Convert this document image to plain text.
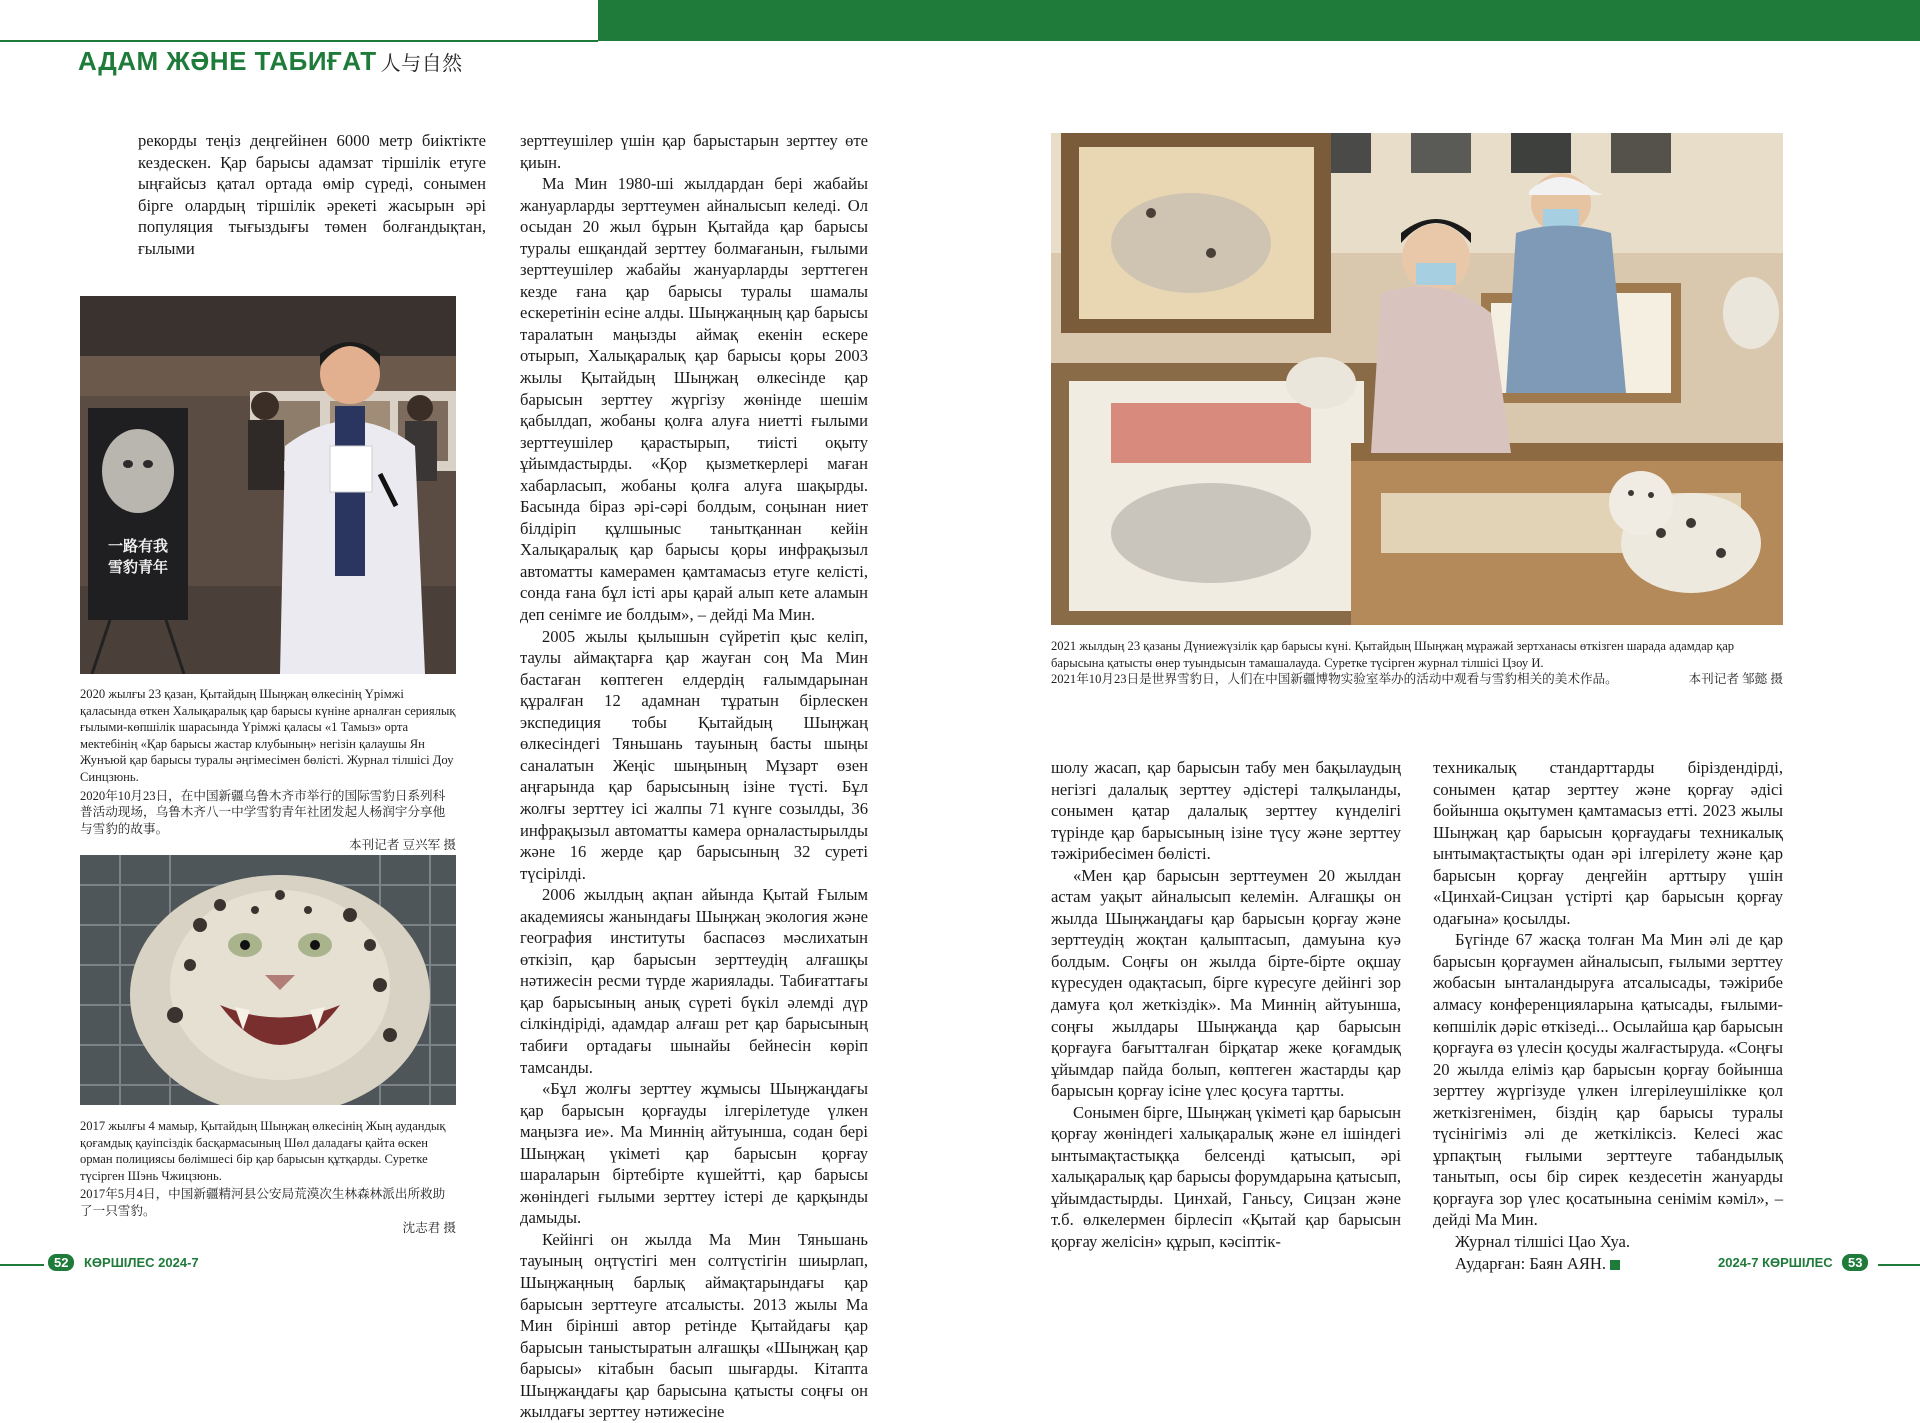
АДАМ ЖӘНЕ ТАБИҒАТ 人与自然

рекорды теңіз деңгейінен 6000 метр биіктікте кездескен. Қар барысы адамзат тіршілік етуге ыңғайсыз қатал ортада өмір сүреді, сонымен бірге олардың тіршілік әрекеті жасырын әрі популяция тығыздығы төмен болғандықтан, ғылыми

一路有我
雪豹青年

2020 жылғы 23 қазан, Қытайдың Шыңжаң өлкесінің Үрімжі қаласында өткен Халықаралық қар барысы күніне арналған сериялық ғылыми-көпшілік шарасында Үрімжі қаласы «1 Тамыз» орта мектебінің «Қар барысы жастар клубының» негізін қалаушы Ян Жунъюй қар барысы туралы әңгімесімен бөлісті. Журнал тілшісі Доу Синцзюнь.

2020年10月23日，在中国新疆乌鲁木齐市举行的国际雪豹日系列科普活动现场，乌鲁木齐八一中学雪豹青年社团发起人杨润宇分享他与雪豹的故事。

本刊记者 豆兴军 摄

2017 жылғы 4 мамыр, Қытайдың Шыңжаң өлкесінің Жың аудандық қоғамдық қауіпсіздік басқармасының Шөл даладағы қайта өскен орман полициясы бөлімшесі бір қар барысын құтқарды. Суретке түсірген Шэнь Чжицзюнь.

2017年5月4日，中国新疆精河县公安局荒漠次生林森林派出所救助了一只雪豹。

沈志君 摄

зерттеушілер үшін қар барыстарын зерттеу өте қиын.

Ма Мин 1980-ші жылдардан бері жабайы жануарларды зерттеумен айналысып келеді. Ол осыдан 20 жыл бұрын Қытайда қар барысы туралы ешқандай зерттеу болмағанын, ғылыми зерттеушілер жабайы жануарларды зерттеген кезде ғана қар барысы туралы шамалы ескеретінін есіне алды. Шыңжаңның қар барысы таралатын маңызды аймақ екенін ескере отырып, Халықаралық қар барысы қоры 2003 жылы Қытайдың Шыңжаң өлкесінде қар барысын зерттеу жүргізу жөнінде шешім қабылдап, жобаны қолға алуға ниетті ғылыми зерттеушілер қарастырып, тиісті оқыту ұйымдастырды. «Қор қызметкерлері маған хабарласып, жобаны қолға алуға шақырды. Басында біраз әрі-сәрі болдым, соңынан ниет білдіріп құлшыныс танытқаннан кейін Халықаралық қар барысы қоры инфрақызыл автоматты камерамен қамтамасыз етуге келісті, сонда ғана бұл істі ары қарай алып кете аламын деп сенімге ие болдым», – дейді Ма Мин.

2005 жылы қылышын сүйретіп қыс келіп, таулы аймақтарға қар жауған соң Ма Мин бастаған көптеген елдердің ғалымдарынан құралған 12 адамнан тұратын бірлескен экспедиция тобы Қытайдың Шыңжаң өлкесіндегі Тяньшань тауының басты шыңы саналатын Жеңіс шыңының Мұзарт өзен аңғарында қар барысының ізіне түсті. Бұл жолғы зерттеу ісі жалпы 71 күнге созылды, 36 инфрақызыл автоматты камера орналастырылды және 16 жерде қар барысының 32 суреті түсірілді.

2006 жылдың ақпан айында Қытай Ғылым академиясы жанындағы Шыңжаң экология және география институты баспасөз мәслихатын өткізіп, қар барысын зерттеудің алғашқы нәтижесін ресми түрде жариялады. Табиғаттағы қар барысының анық сүреті бүкіл әлемді дүр сілкіндіріді, адамдар алғаш рет қар барысының табиғи ортадағы шынайы бейнесін көріп тамсанды.

«Бұл жолғы зерттеу жұмысы Шыңжаңдағы қар барысын қорғауды ілгерілетуде үлкен маңызға ие». Ма Миннің айтуынша, содан бері Шыңжаң үкіметі қар барысын қорғау шараларын біртебірте күшейтті, қар барысы жөніндегі ғылыми зерттеу істері де қарқынды дамыды.

Кейінгі он жылда Ма Мин Тяньшань тауының оңтүстігі мен солтүстігін шиырлап, Шыңжаңның барлық аймақтарындағы қар барысын зерттеуге атсалысты. 2013 жылы Ма Мин бірінші автор ретінде Қытайдағы қар барысын таныстыратын алғашқы «Шыңжаң қар барысы» кітабын басып шығарды. Кітапта Шыңжаңдағы қар барысына қатысты соңғы он жылдағы зерттеу нәтижесіне

2021 жылдың 23 қазаны Дүниежүзілік қар барысы күні. Қытайдың Шыңжаң мұражай зертханасы өткізген шарада адамдар қар барысына қатысты өнер туындысын тамашалауда. Суретке түсірген журнал тілшісі Цзоу И.

2021年10月23日是世界雪豹日，人们在中国新疆博物实验室举办的活动中观看与雪豹相关的美术作品。	本刊记者 邹懿 摄

шолу жасап, қар барысын табу мен бақылаудың негізгі далалық зерттеу әдістері талқыланды, сонымен қатар далалық зерттеу күнделігі түрінде қар барысының ізіне түсу және зерттеу тәжірибесімен бөлісті.

«Мен қар барысын зерттеумен 20 жылдан астам уақыт айналысып келемін. Алғашқы он жылда Шыңжаңдағы қар барысын қорғау және зерттеудің жоқтан қалыптасып, дамуына куә болдым. Соңғы он жылда бірте-бірте оқшау күресуден одақтасып, бірге күресуге дейінгі зор дамуға қол жеткіздік». Ма Миннің айтуынша, соңғы жылдары Шыңжаңда қар барысын қорғауға бағытталған бірқатар жеке қоғамдық ұйымдар пайда болып, көптеген жастарды қар барысын қорғау ісіне үлес қосуға тартты.

Сонымен бірге, Шыңжаң үкіметі қар барысын қорғау жөніндегі халықаралық және ел ішіндегі ынтымақтастыққа белсенді қатысып, әрі халықаралық қар барысы форумдарына қатысып, ұйымдастырды. Цинхай, Ганьсу, Сицзан және т.б. өлкелермен бірлесіп «Қытай қар барысын қорғау желісін» құрып, кәсіптік-

техникалық стандарттарды біріздендірді, сонымен қатар зерттеу және қорғау әдісі бойынша оқытумен қамтамасыз етті. 2023 жылы Шыңжаң қар барысын қорғаудағы техникалық ынтымақтастықты одан әрі ілгерілету және қар барысын қорғау деңгейін арттыру үшін «Цинхай-Сицзан үстірті қар барысын қорғау одағына» қосылды.

Бүгінде 67 жасқа толған Ма Мин әлі де қар барысын қорғаумен айналысып, ғылыми зерттеу жобасын ынталандыруға атсалысады, тәжірибе алмасу конференцияларына қатысады, ғылыми-көпшілік дәріс өткізеді... Осылайша қар барысын қорғауға өз үлесін қосуды жалғастыруда. «Соңғы 20 жылда еліміз қар барысын қорғау бойынша зерттеу жүргізуде үлкен ілгерілеушілікке қол жеткізгенімен, біздің қар барысы туралы түсінігіміз әлі де жеткіліксіз. Келесі жас ұрпақтың ғылыми зерттеуге табандылық танытып, осы бір сирек кездесетін жануарды қорғауға зор үлес қосатынына сенімім кәміл», – дейді Ма Мин.

Журнал тілшісі Цао Хуа.

Аударған: Баян АЯН.

52	КӨРШІЛЕС 2024-7	2024-7 КӨРШІЛЕС	53
